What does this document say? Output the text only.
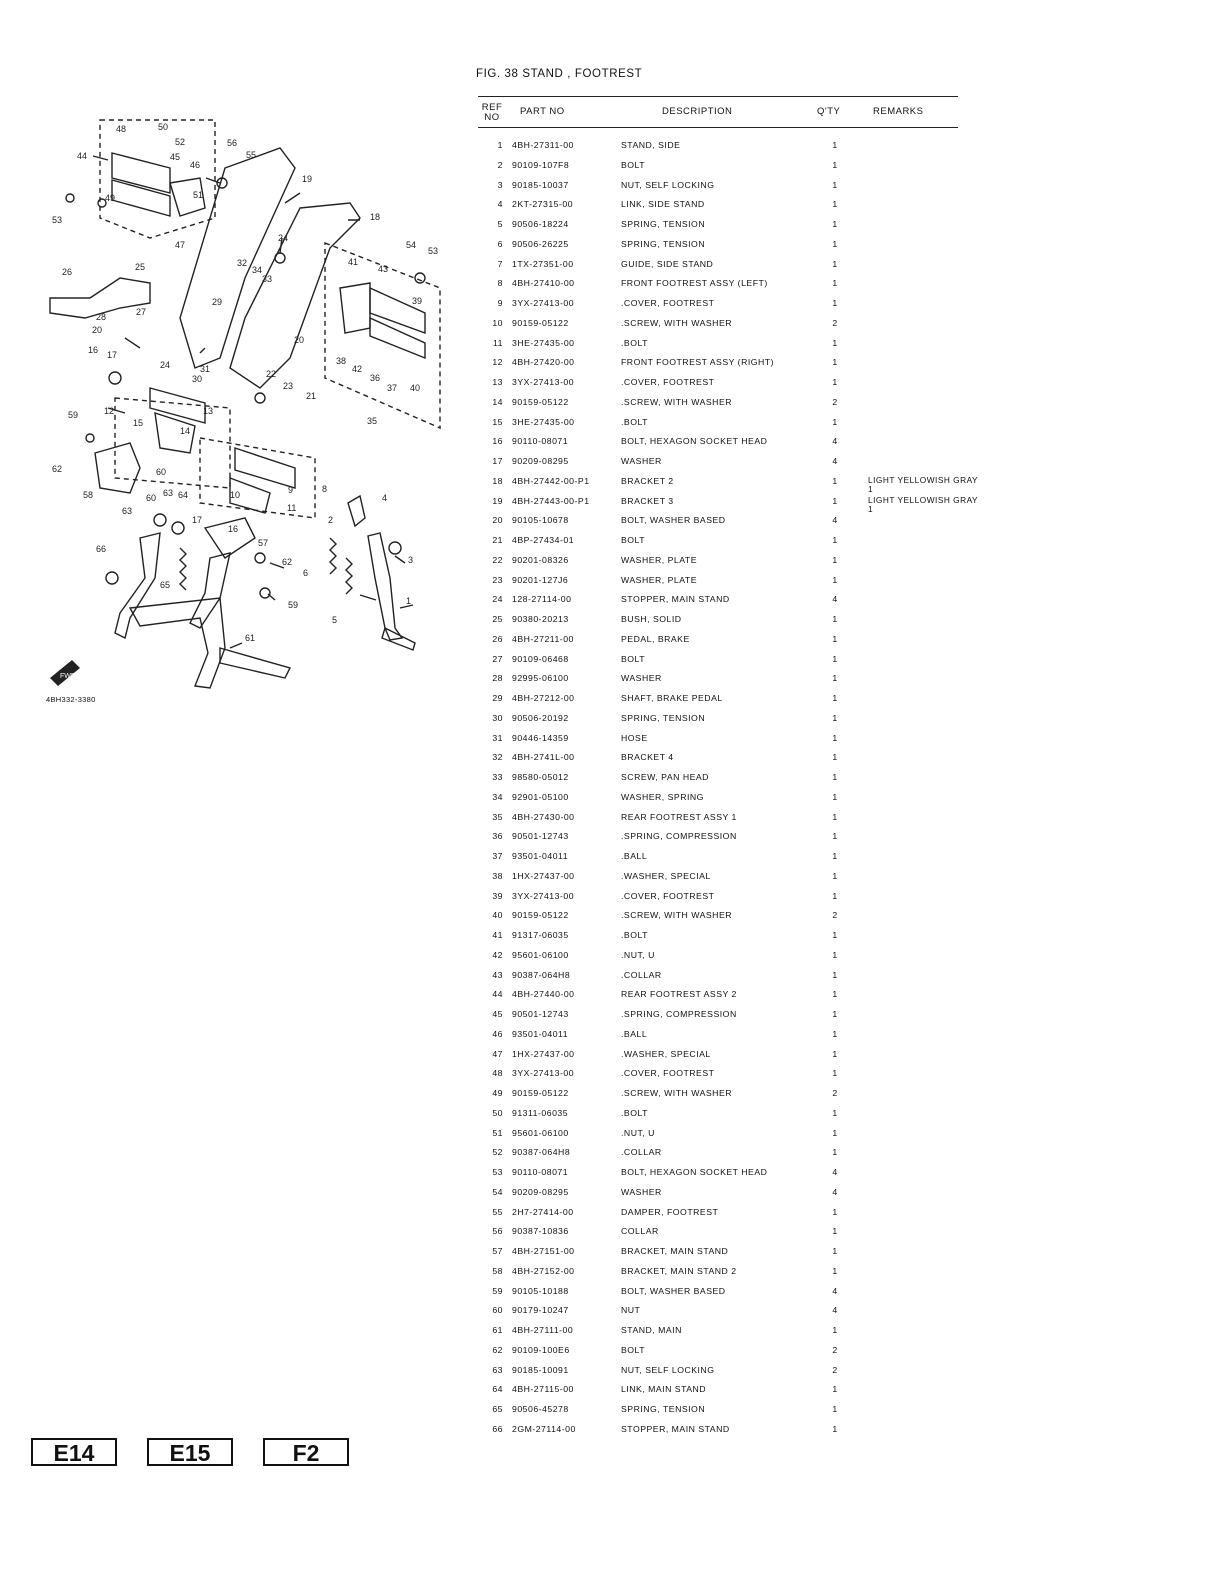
FIG. 38 STAND , FOOTREST
REF NO
PART NO	DESCRIPTION	Q'TY	REMARKS
1 4BH-27311-00	STAND, SIDE	1
2 90109-107F8	BOLT	1
3 90185-10037	NUT, SELF LOCKING	1
4 2KT-27315-00	LINK, SIDE STAND	1
5 90506-18224	SPRING, TENSION	1
6 90506-26225	SPRING, TENSION	1
7 1TX-27351-00	GUIDE, SIDE STAND	1
8 4BH-27410-00	FRONT FOOTREST ASSY (LEFT)	1
9 3YX-27413-00	.COVER, FOOTREST	1
10 90159-05122	.SCREW, WITH WASHER	2
11 3HE-27435-00	.BOLT	1
12 4BH-27420-00	FRONT FOOTREST ASSY (RIGHT)	1
13 3YX-27413-00	.COVER, FOOTREST	1
14 90159-05122	.SCREW, WITH WASHER	2
15 3HE-27435-00	.BOLT	1
16 90110-08071	BOLT, HEXAGON SOCKET HEAD	4
17 90209-08295	WASHER	4
18 4BH-27442-00-P1	BRACKET 2	1	LIGHT YELLOWISH GRAY 1
19 4BH-27443-00-P1	BRACKET 3	1	LIGHT YELLOWISH GRAY 1
20 90105-10678	BOLT, WASHER BASED	4
21 4BP-27434-01	BOLT	1
22 90201-08326	WASHER, PLATE	1
23 90201-127J6	WASHER, PLATE	1
24 128-27114-00	STOPPER, MAIN STAND	4
25 90380-20213	BUSH, SOLID	1
26 4BH-27211-00	PEDAL, BRAKE	1
27 90109-06468	BOLT	1
28 92995-06100	WASHER	1
29 4BH-27212-00	SHAFT, BRAKE PEDAL	1
30 90506-20192	SPRING, TENSION	1
31 90446-14359	HOSE	1
32 4BH-2741L-00	BRACKET 4	1
33 98580-05012	SCREW, PAN HEAD	1
34 92901-05100	WASHER, SPRING	1
35 4BH-27430-00	REAR FOOTREST ASSY 1	1
36 90501-12743	.SPRING, COMPRESSION	1
37 93501-04011	.BALL	1
38 1HX-27437-00	.WASHER, SPECIAL	1
39 3YX-27413-00	.COVER, FOOTREST	1
40 90159-05122	.SCREW, WITH WASHER	2
41 91317-06035	.BOLT	1
42 95601-06100	.NUT, U	1
43 90387-064H8	.COLLAR	1
44 4BH-27440-00	REAR FOOTREST ASSY 2	1
45 90501-12743	.SPRING, COMPRESSION	1
46 93501-04011	.BALL	1
47 1HX-27437-00	.WASHER, SPECIAL	1
48 3YX-27413-00	.COVER, FOOTREST	1
49 90159-05122	.SCREW, WITH WASHER	2
50 91311-06035	.BOLT	1
51 95601-06100	.NUT, U	1
52 90387-064H8	.COLLAR	1
53 90110-08071	BOLT, HEXAGON SOCKET HEAD	4
54 90209-08295	WASHER	4
55 2H7-27414-00	DAMPER, FOOTREST	1
56 90387-10836	COLLAR	1
57 4BH-27151-00	BRACKET, MAIN STAND	1
58 4BH-27152-00	BRACKET, MAIN STAND 2	1
59 90105-10188	BOLT, WASHER BASED	4
60 90179-10247	NUT	4
61 4BH-27111-00	STAND, MAIN	1
62 90109-100E6	BOLT	2
63 90185-10091	NUT, SELF LOCKING	2
64 4BH-27115-00	LINK, MAIN STAND	1
65 90506-45278	SPRING, TENSION	1
66 2GM-27114-00	STOPPER, MAIN STAND	1
48	50
52
45
46
51
49
53
47
44
56
55
19
18
24
54
53
41
43
39
26	25
28	27
20
29
32
34
33
20
16 17
24	31
30	22
23
21
38
42
36
37 40
35
59	12	13
15
14
62	60
58	63 64
60
63
10
17
16
9	8
11
2
4
57
62	3
66
6
65
59	1
5
61
FWD
4BH332-3380
E14	E15	F2
